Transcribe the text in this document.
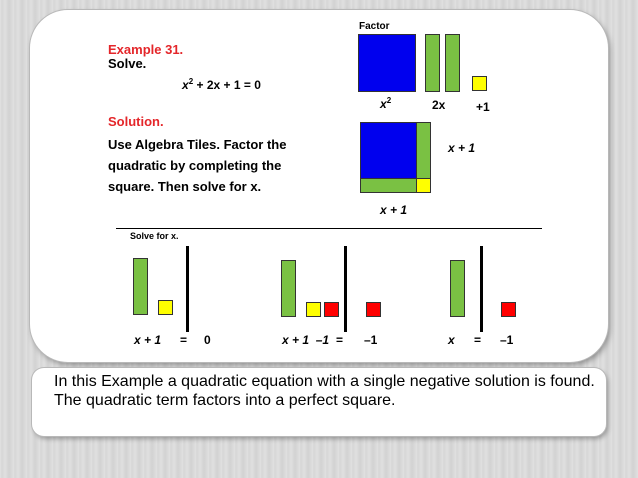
Example 31.
Solve.
$x^2 + 2x + 1 = 0$
Solution.
Use Algebra Tiles. Factor the
quadratic by completing the
square. Then solve for x.
Factor
$x^2$	2x	+1
x + 1
x + 1
Solve for x.
x + 1 = 0	x + 1  –1 = –1	x = –1

In this Example a quadratic equation with a single negative solution is found. The quadratic term factors into a perfect square.
